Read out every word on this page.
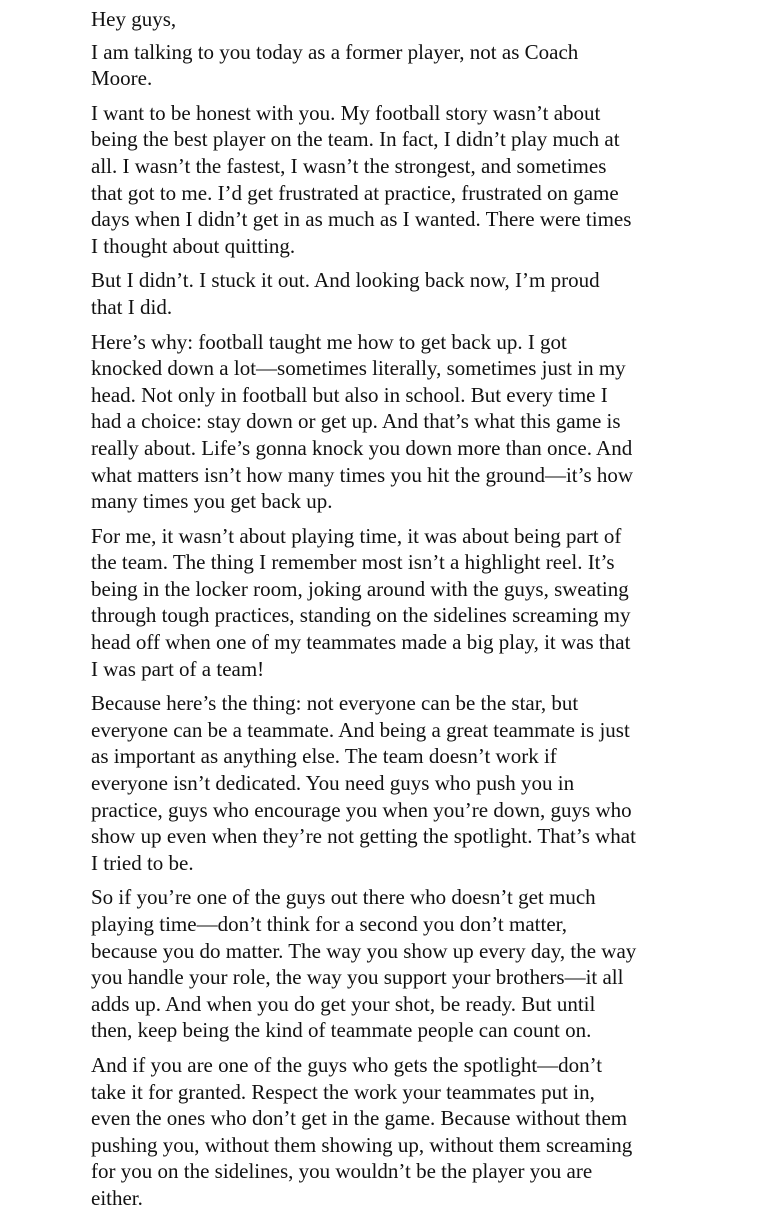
Hey guys,

I am talking to you today as a former player, not as Coach
Moore.

I want to be honest with you. My football story wasn’t about
being the best player on the team. In fact, I didn’t play much at
all. I wasn’t the fastest, I wasn’t the strongest, and sometimes
that got to me. I’d get frustrated at practice, frustrated on game
days when I didn’t get in as much as I wanted. There were times
I thought about quitting.

But I didn’t. I stuck it out. And looking back now, I’m proud
that I did.

Here’s why: football taught me how to get back up. I got
knocked down a lot—sometimes literally, sometimes just in my
head. Not only in football but also in school. But every time I
had a choice: stay down or get up. And that’s what this game is
really about. Life’s gonna knock you down more than once. And
what matters isn’t how many times you hit the ground—it’s how
many times you get back up.

For me, it wasn’t about playing time, it was about being part of
the team. The thing I remember most isn’t a highlight reel. It’s
being in the locker room, joking around with the guys, sweating
through tough practices, standing on the sidelines screaming my
head off when one of my teammates made a big play, it was that
I was part of a team!

Because here’s the thing: not everyone can be the star, but
everyone can be a teammate. And being a great teammate is just
as important as anything else. The team doesn’t work if
everyone isn’t dedicated. You need guys who push you in
practice, guys who encourage you when you’re down, guys who
show up even when they’re not getting the spotlight. That’s what
I tried to be.

So if you’re one of the guys out there who doesn’t get much
playing time—don’t think for a second you don’t matter,
because you do matter. The way you show up every day, the way
you handle your role, the way you support your brothers—it all
adds up. And when you do get your shot, be ready. But until
then, keep being the kind of teammate people can count on.

And if you are one of the guys who gets the spotlight—don’t
take it for granted. Respect the work your teammates put in,
even the ones who don’t get in the game. Because without them
pushing you, without them showing up, without them screaming
for you on the sidelines, you wouldn’t be the player you are
either.
